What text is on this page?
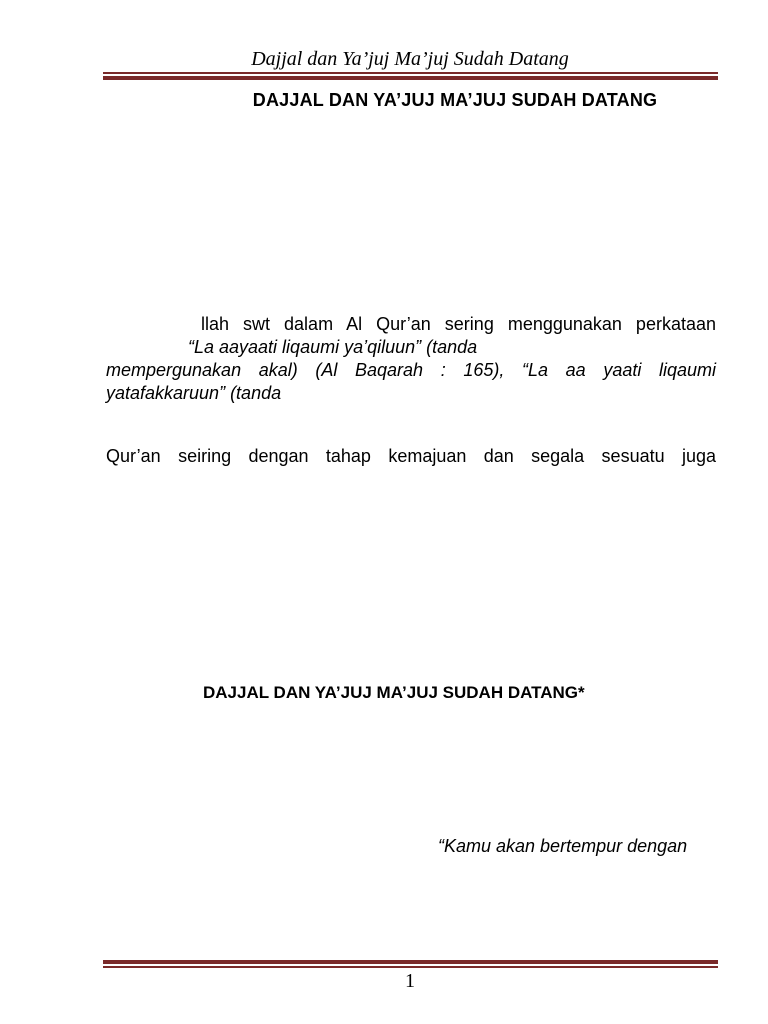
Dajjal dan Ya’juj Ma’juj Sudah Datang
DAJJAL DAN YA’JUJ MA’JUJ SUDAH DATANG
llah swt dalam Al Qur’an sering menggunakan perkataan
“La aayaati liqaumi ya’qiluun” (tanda
mempergunakan akal) (Al Baqarah : 165), “La aa yaati liqaumi
yatafakkaruun” (tanda
Qur’an seiring dengan tahap kemajuan dan segala sesuatu juga
DAJJAL DAN YA’JUJ MA’JUJ SUDAH DATANG*
“Kamu akan bertempur dengan
1
